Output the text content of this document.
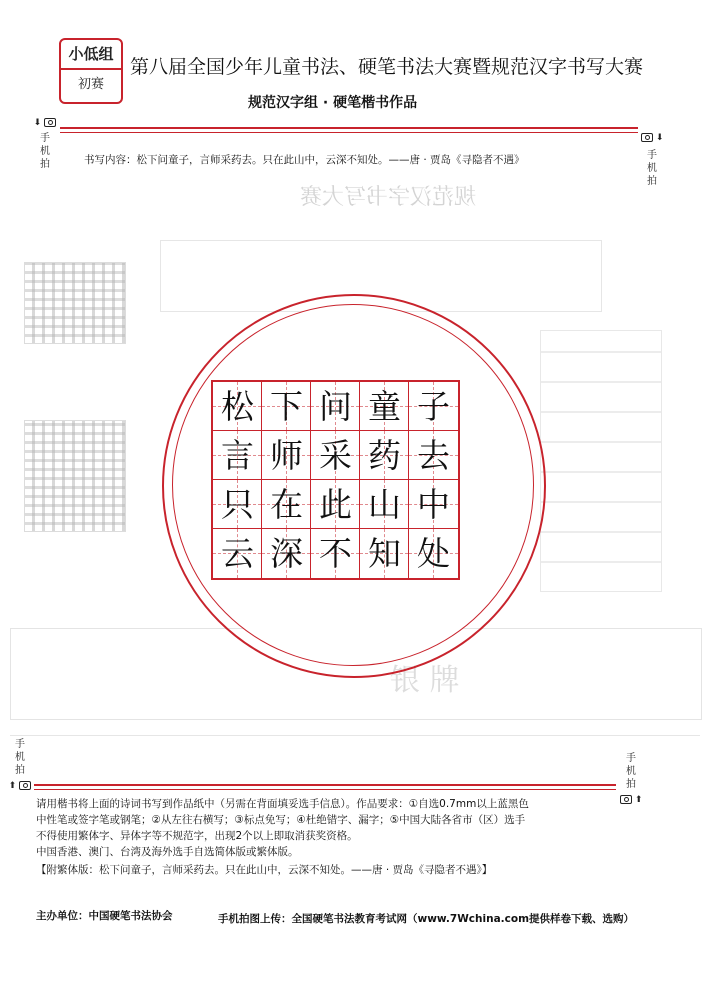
规范汉字书写大赛
银 牌
小低组
初赛
第八届全国少年儿童书法、硬笔书法大赛暨规范汉字书写大赛
规范汉字组 · 硬笔楷书作品
⬇
手机拍
⬇
手机拍
书写内容：松下问童子，言师采药去。只在此山中，云深不知处。——唐 · 贾岛《寻隐者不遇》
松 下 问 童 子
言 师 采 药 去
只 在 此 山 中
云 深 不 知 处
手机拍
⬆
手机拍
⬆
请用楷书将上面的诗词书写到作品纸中（另需在背面填妥选手信息）。作品要求：①自选0.7mm以上蓝黑色
中性笔或签字笔或钢笔；②从左往右横写；③标点免写；④杜绝错字、漏字；⑤中国大陆各省市（区）选手
不得使用繁体字、异体字等不规范字，出现2个以上即取消获奖资格。
中国香港、澳门、台湾及海外选手自选简体版或繁体版。
【附繁体版：松下问童子，言师采药去。只在此山中，云深不知处。——唐 · 贾岛《寻隐者不遇》】
主办单位：中国硬笔书法协会	手机拍图上传：全国硬笔书法教育考试网（www.7Wchina.com提供样卷下载、选购）
